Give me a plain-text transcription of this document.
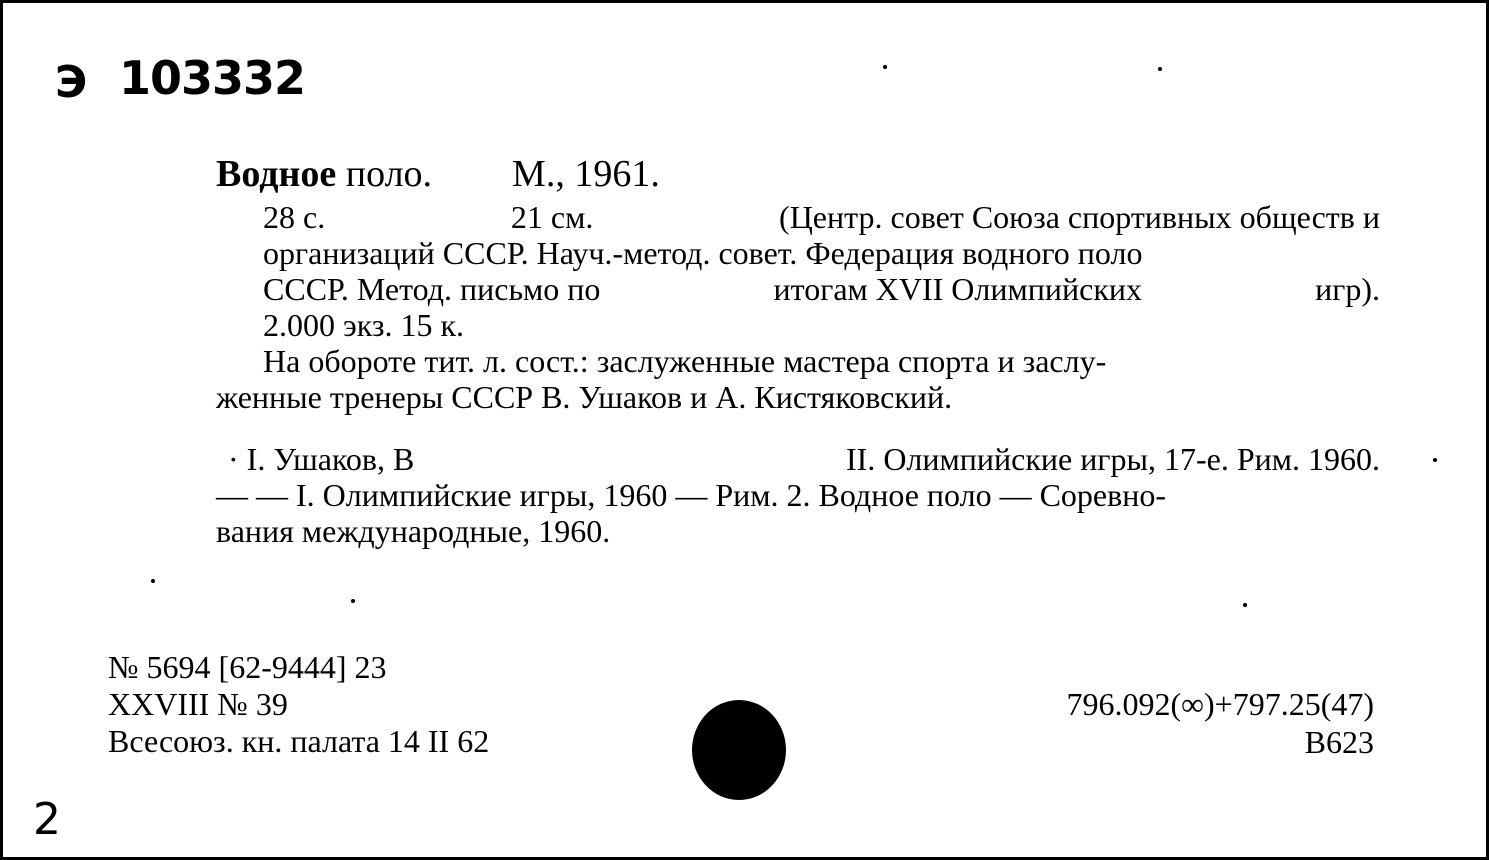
Э 103332
Водное поло. М., 1961.

28 с.	21 см.	(Центр. совет Союза спортивных обществ и

организаций СССР. Науч.-метод. совет. Федерация водного поло

СССР. Метод. письмо по	итогам XVII Олимпийских	игр).

2.000 экз. 15 к.

На обороте тит. л. сост.: заслуженные мастера спорта и заслу-

женные тренеры СССР В. Ушаков и А. Кистяковский.

· I. Ушаков, В	II. Олимпийские игры, 17-е. Рим. 1960.

— — I. Олимпийские игры, 1960 — Рим. 2. Водное поло — Соревно-

вания международные, 1960.

№ 5694 [62-9444] 23
XXVIII № 39
Всесоюз. кн. палата 14 II 62
796.092(∞)+797.25(47)
В623
2
